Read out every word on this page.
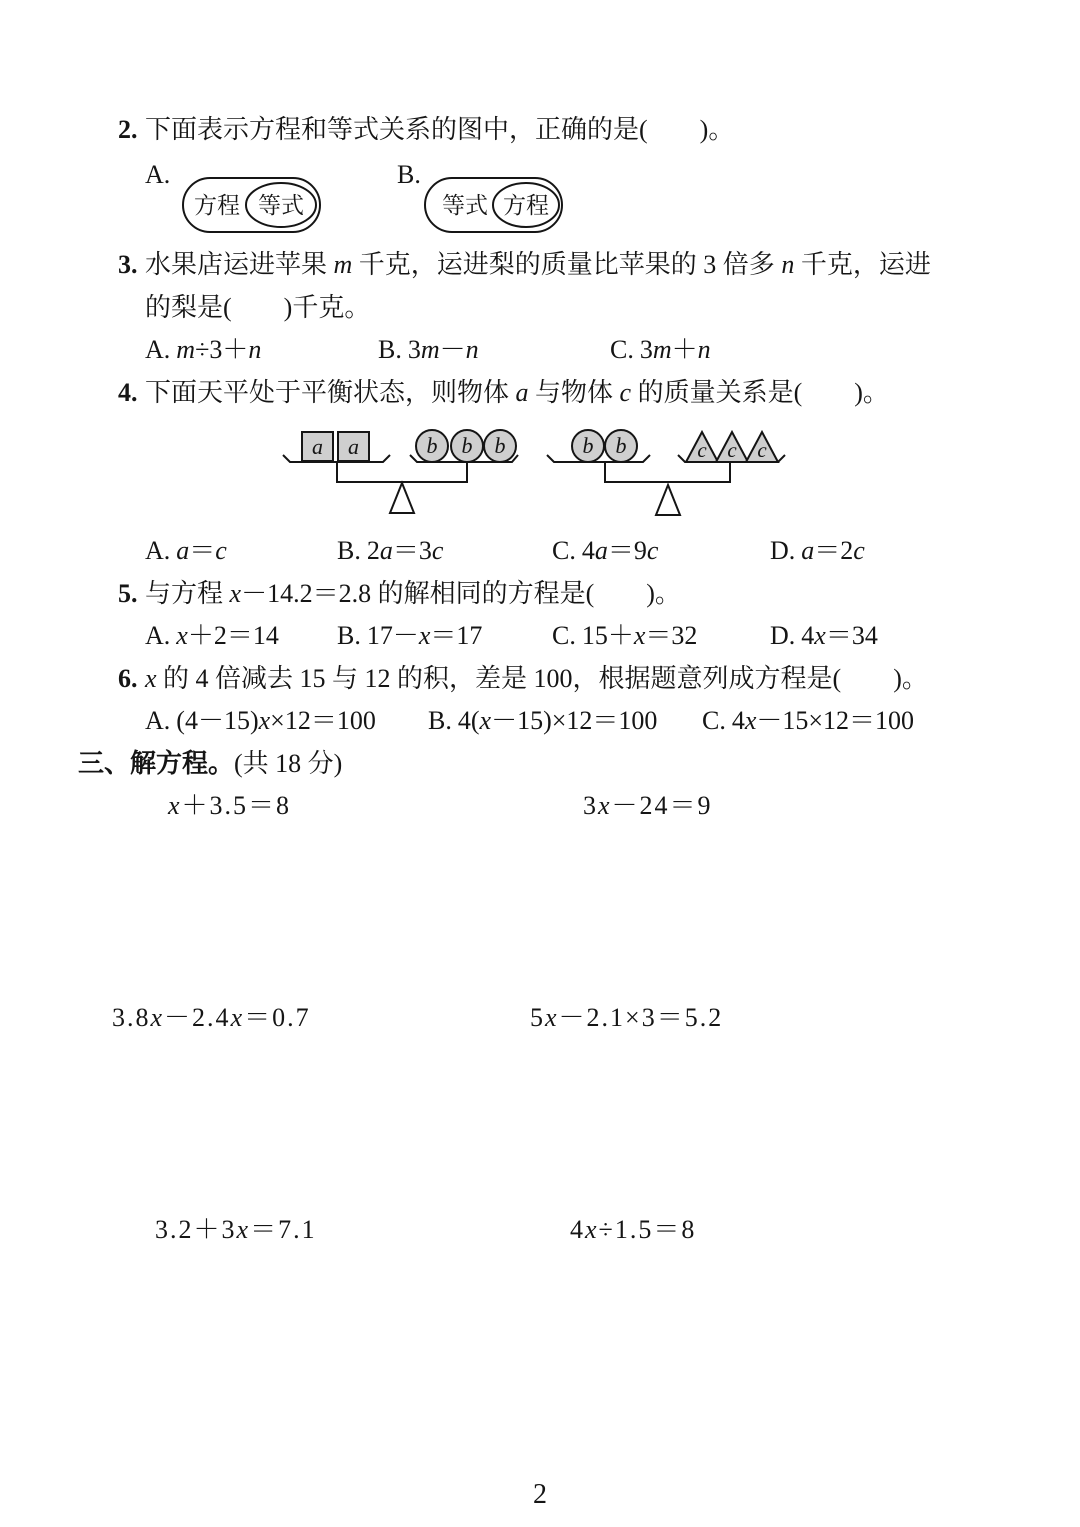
2. 下面表示方程和等式关系的图中，正确的是(　　)。
A.
方程 等式
B.
等式 方程
3. 水果店运进苹果 m 千克，运进梨的质量比苹果的 3 倍多 n 千克，运进
的梨是(　　)千克。
A. m÷3＋n	B. 3m－n	C. 3m＋n
4. 下面天平处于平衡状态，则物体 a 与物体 c 的质量关系是(　　)。
a a	b b b	b b	c c c
A. a＝c	B. 2a＝3c	C. 4a＝9c	D. a＝2c
5. 与方程 x－14.2＝2.8 的解相同的方程是(　　)。
A. x＋2＝14 B. 17－x＝17	C. 15＋x＝32	D. 4x＝34
6. x 的 4 倍减去 15 与 12 的积，差是 100，根据题意列成方程是(　　)。
A. (4－15)x×12＝100 B. 4(x－15)×12＝100 C. 4x－15×12＝100
三、解方程。(共 18 分)
x＋3.5＝8	3x－24＝9
3.8x－2.4x＝0.7	5x－2.1×3＝5.2
3.2＋3x＝7.1	4x÷1.5＝8
2
